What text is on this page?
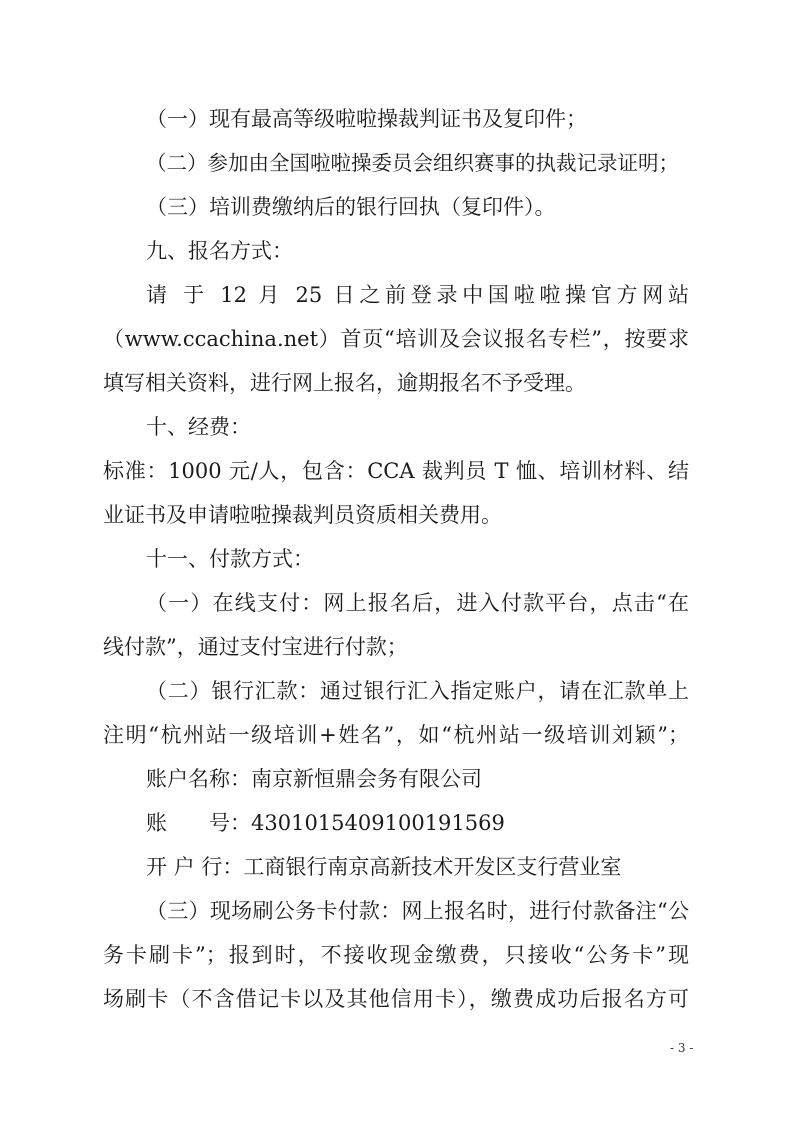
（一）现有最高等级啦啦操裁判证书及复印件；
（二）参加由全国啦啦操委员会组织赛事的执裁记录证明；
（三）培训费缴纳后的银行回执（复印件）。
九、报名方式：
请 于 12 月 25 日之前登录中国啦啦操官方网站
（www.ccachina.net）首页“培训及会议报名专栏”，按要求
填写相关资料，进行网上报名，逾期报名不予受理。
十、经费：
标准：1000 元/人，包含：CCA 裁判员 T 恤、培训材料、结
业证书及申请啦啦操裁判员资质相关费用。
十一、付款方式：
（一）在线支付：网上报名后，进入付款平台，点击“在
线付款”，通过支付宝进行付款；
（二）银行汇款：通过银行汇入指定账户，请在汇款单上
注明“杭州站一级培训+姓名”，如“杭州站一级培训刘颖”；
账户名称：南京新恒鼎会务有限公司
账　　号：4301015409100191569
开 户 行：工商银行南京高新技术开发区支行营业室
（三）现场刷公务卡付款：网上报名时，进行付款备注“公
务卡刷卡”；报到时，不接收现金缴费，只接收“公务卡”现
场刷卡（不含借记卡以及其他信用卡），缴费成功后报名方可
- 3 -
